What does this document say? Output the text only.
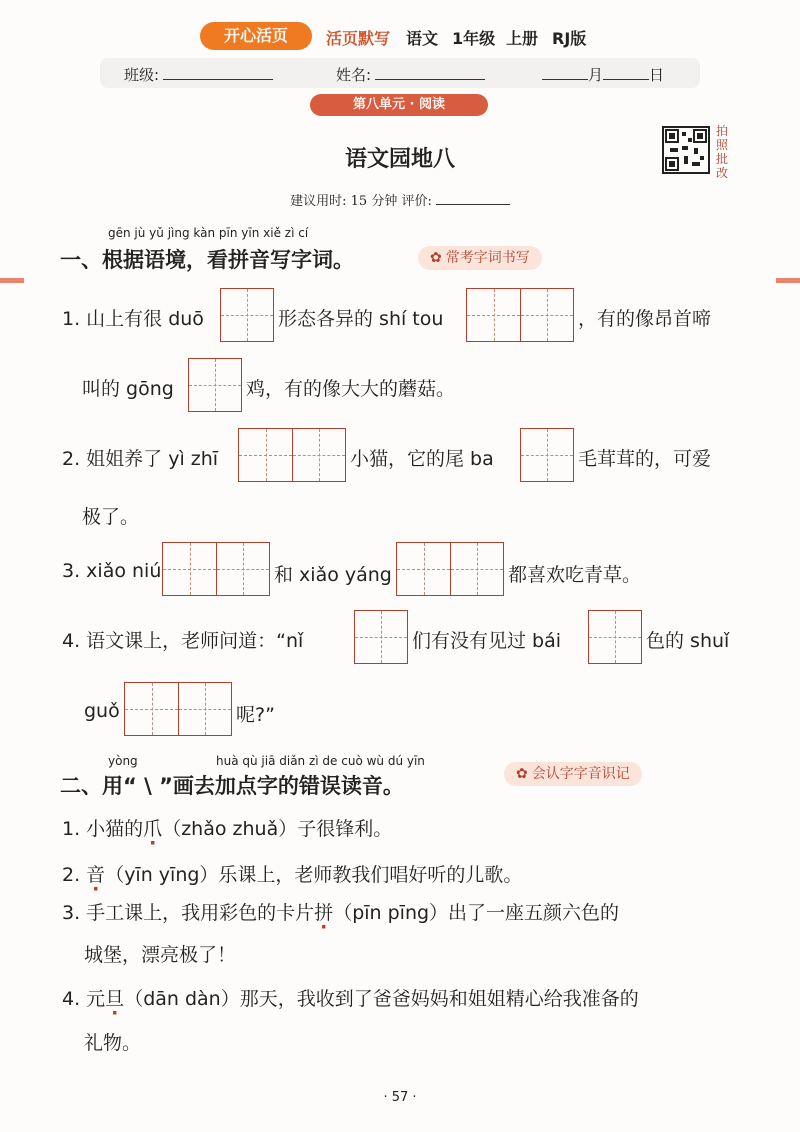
开心活页	活页默写 语文 1年级 上册 RJ版
班级:	姓名:	月	日
第八单元 · 阅读
语文园地八
拍照批改
建议用时: 15 分钟 评价:
gēn jù yǔ jìng kàn pīn yīn xiě zì cí
一、根据语境，看拼音写字词。	✿ 常考字词书写
1. 山上有很 duō	形态各异的 shí tou	，有的像昂首啼
叫的 gōng	鸡，有的像大大的蘑菇。
2. 姐姐养了 yì zhī	小猫，它的尾 ba	毛茸茸的，可爱
极了。
3. xiǎo niú	和 xiǎo yáng	都喜欢吃青草。
4. 语文课上，老师问道：“nǐ	们有没有见过 bái	色的 shuǐ
guǒ	呢?”
yòng	huà qù jiā diǎn zì de cuò wù dú yīn
二、用“ \ ”画去加点字的错误读音。	✿ 会认字字音识记
1. 小猫的爪（zhǎo zhuǎ）子很锋利。
2. 音（yīn yīng）乐课上，老师教我们唱好听的儿歌。
3. 手工课上，我用彩色的卡片拼（pīn pīng）出了一座五颜六色的
城堡，漂亮极了！
4. 元旦（dān dàn）那天，我收到了爸爸妈妈和姐姐精心给我准备的
礼物。
· 57 ·
